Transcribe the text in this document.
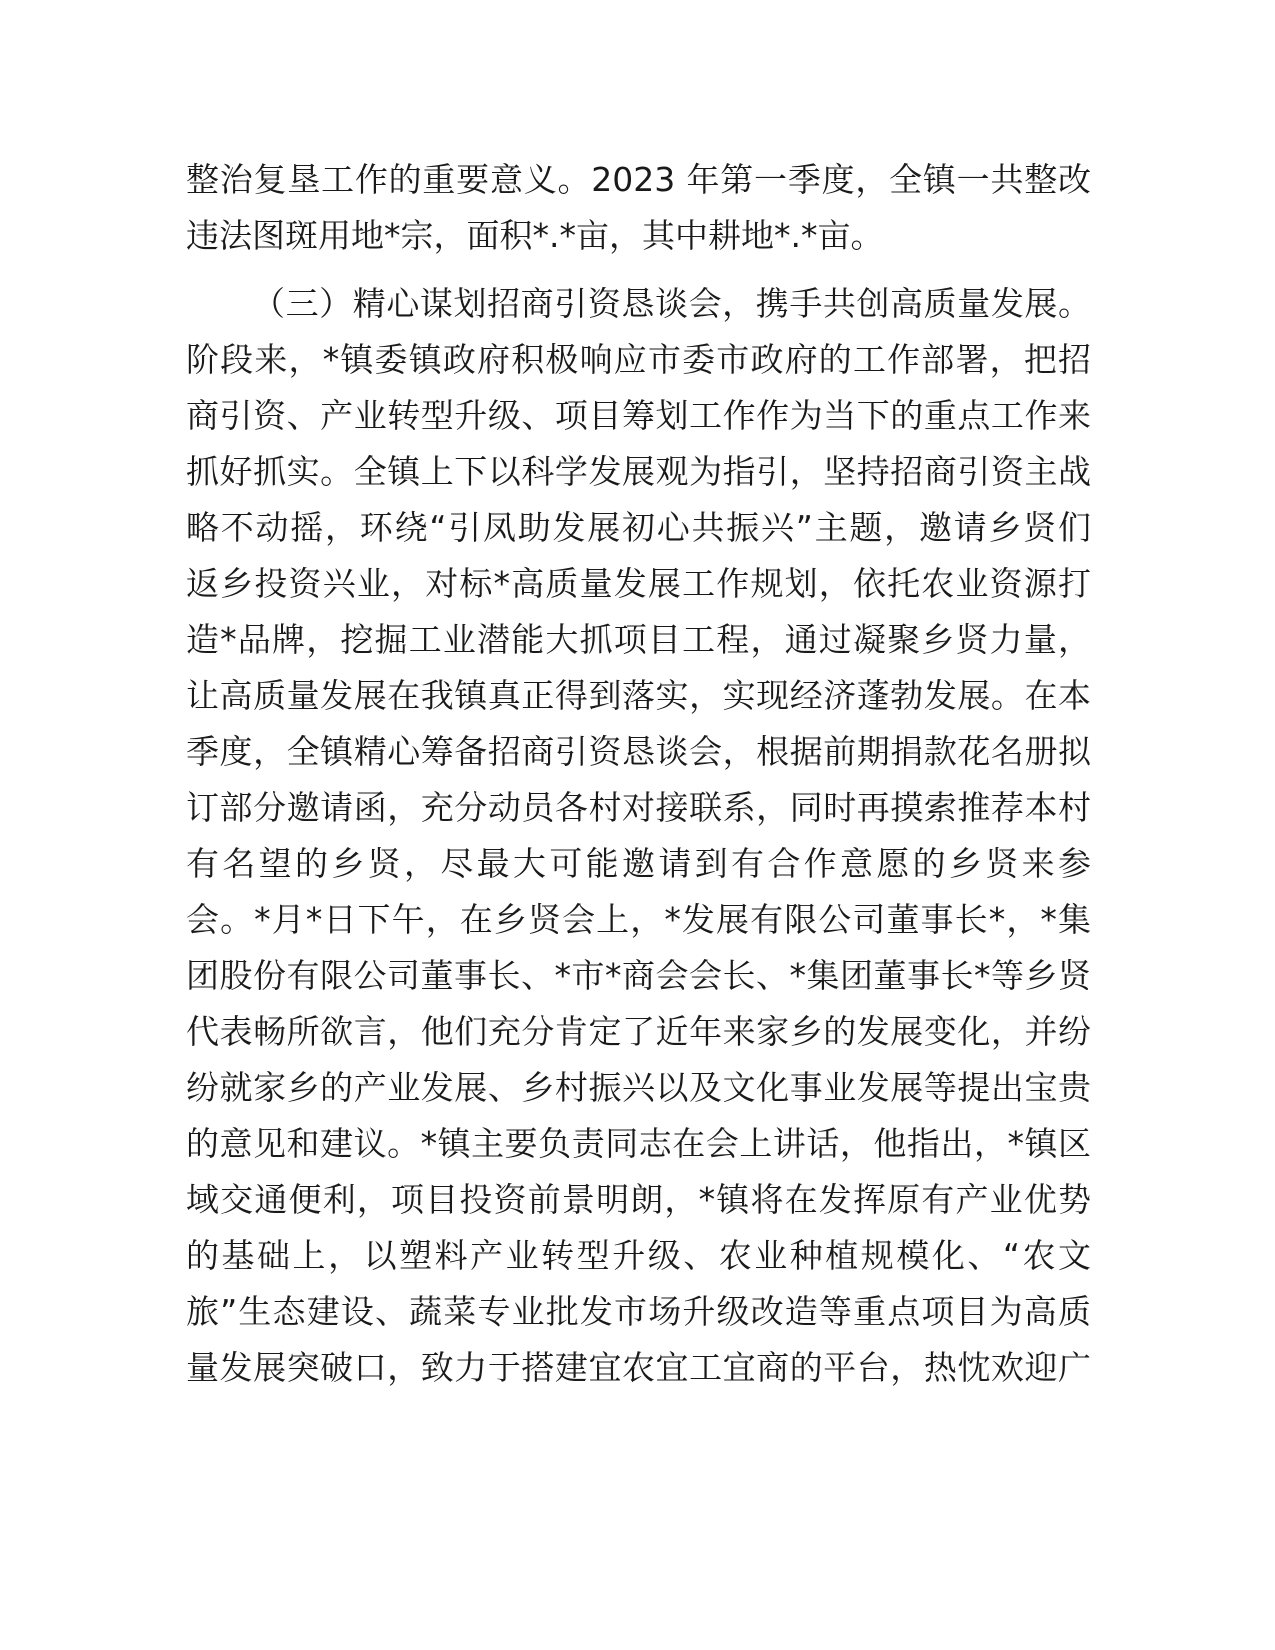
整治复垦工作的重要意义。2023 年第一季度，全镇一共整改
违法图斑用地*宗，面积*.*亩，其中耕地*.*亩。
（三）精心谋划招商引资恳谈会，携手共创高质量发展。
阶段来，*镇委镇政府积极响应市委市政府的工作部署，把招
商引资、产业转型升级、项目筹划工作作为当下的重点工作来
抓好抓实。全镇上下以科学发展观为指引，坚持招商引资主战
略不动摇，环绕“引凤助发展初心共振兴”主题，邀请乡贤们
返乡投资兴业，对标*高质量发展工作规划，依托农业资源打
造*品牌，挖掘工业潜能大抓项目工程，通过凝聚乡贤力量，
让高质量发展在我镇真正得到落实，实现经济蓬勃发展。在本
季度，全镇精心筹备招商引资恳谈会，根据前期捐款花名册拟
订部分邀请函，充分动员各村对接联系，同时再摸索推荐本村
有名望的乡贤，尽最大可能邀请到有合作意愿的乡贤来参
会。*月*日下午，在乡贤会上，*发展有限公司董事长*，*集
团股份有限公司董事长、*市*商会会长、*集团董事长*等乡贤
代表畅所欲言，他们充分肯定了近年来家乡的发展变化，并纷
纷就家乡的产业发展、乡村振兴以及文化事业发展等提出宝贵
的意见和建议。*镇主要负责同志在会上讲话，他指出，*镇区
域交通便利，项目投资前景明朗，*镇将在发挥原有产业优势
的基础上，以塑料产业转型升级、农业种植规模化、“农文
旅”生态建设、蔬菜专业批发市场升级改造等重点项目为高质
量发展突破口，致力于搭建宜农宜工宜商的平台，热忱欢迎广
